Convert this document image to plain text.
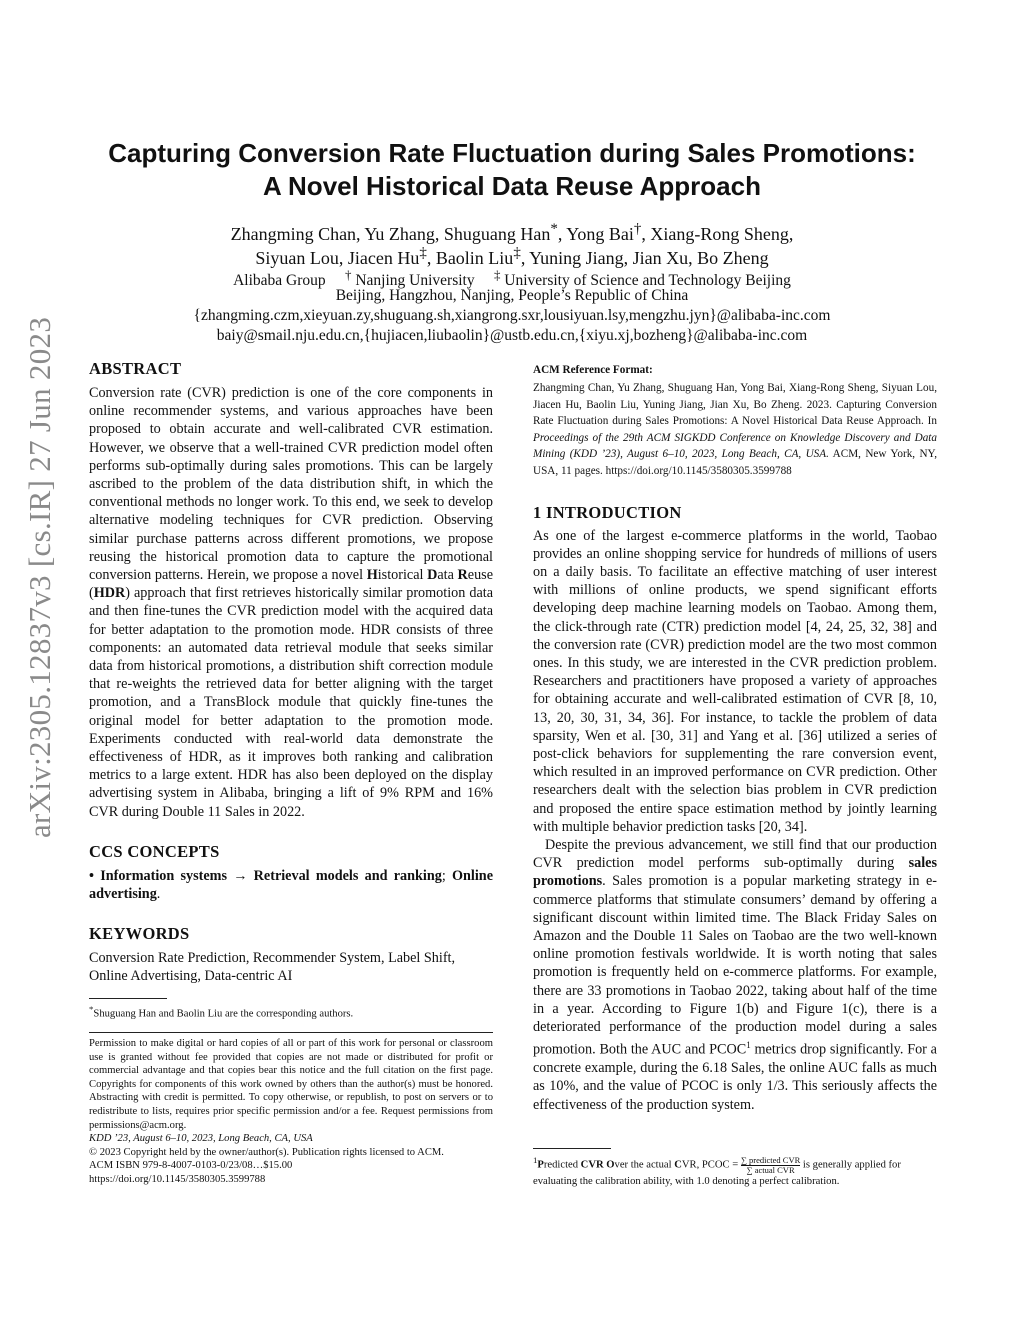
arXiv:2305.12837v3 [cs.IR] 27 Jun 2023
Capturing Conversion Rate Fluctuation during Sales Promotions:
A Novel Historical Data Reuse Approach
Zhangming Chan, Yu Zhang, Shuguang Han*, Yong Bai†, Xiang-Rong Sheng,
Siyuan Lou, Jiacen Hu‡, Baolin Liu‡, Yuning Jiang, Jian Xu, Bo Zheng
Alibaba Group † Nanjing University ‡ University of Science and Technology Beijing
Beijing, Hangzhou, Nanjing, People’s Republic of China
{zhangming.czm,xieyuan.zy,shuguang.sh,xiangrong.sxr,lousiyuan.lsy,mengzhu.jyn}@alibaba-inc.com
baiy@smail.nju.edu.cn,{hujiacen,liubaolin}@ustb.edu.cn,{xiyu.xj,bozheng}@alibaba-inc.com
ABSTRACT

Conversion rate (CVR) prediction is one of the core components in online recommender systems, and various approaches have been proposed to obtain accurate and well-calibrated CVR estimation. However, we observe that a well-trained CVR prediction model often performs sub-optimally during sales promotions. This can be largely ascribed to the problem of the data distribution shift, in which the conventional methods no longer work. To this end, we seek to develop alternative modeling techniques for CVR prediction. Observing similar purchase patterns across different promotions, we propose reusing the historical promotion data to capture the promotional conversion patterns. Herein, we propose a novel Historical Data Reuse (HDR) approach that first retrieves historically similar promotion data and then fine-tunes the CVR prediction model with the acquired data for better adaptation to the promotion mode. HDR consists of three components: an automated data retrieval module that seeks similar data from historical promotions, a distribution shift correction module that re-weights the retrieved data for better aligning with the target promotion, and a TransBlock module that quickly fine-tunes the original model for better adaptation to the promotion mode. Experiments conducted with real-world data demonstrate the effectiveness of HDR, as it improves both ranking and calibration metrics to a large extent. HDR has also been deployed on the display advertising system in Alibaba, bringing a lift of 9% RPM and 16% CVR during Double 11 Sales in 2022.

CCS CONCEPTS

• Information systems → Retrieval models and ranking; Online advertising.

KEYWORDS

Conversion Rate Prediction, Recommender System, Label Shift, Online Advertising, Data-centric AI

*Shuguang Han and Baolin Liu are the corresponding authors.

Permission to make digital or hard copies of all or part of this work for personal or classroom use is granted without fee provided that copies are not made or distributed for profit or commercial advantage and that copies bear this notice and the full citation on the first page. Copyrights for components of this work owned by others than the author(s) must be honored. Abstracting with credit is permitted. To copy otherwise, or republish, to post on servers or to redistribute to lists, requires prior specific permission and/or a fee. Request permissions from permissions@acm.org.

KDD ’23, August 6–10, 2023, Long Beach, CA, USA

© 2023 Copyright held by the owner/author(s). Publication rights licensed to ACM.

ACM ISBN 979-8-4007-0103-0/23/08…$15.00

https://doi.org/10.1145/3580305.3599788

ACM Reference Format:

Zhangming Chan, Yu Zhang, Shuguang Han, Yong Bai, Xiang-Rong Sheng, Siyuan Lou, Jiacen Hu, Baolin Liu, Yuning Jiang, Jian Xu, Bo Zheng. 2023. Capturing Conversion Rate Fluctuation during Sales Promotions: A Novel Historical Data Reuse Approach. In Proceedings of the 29th ACM SIGKDD Conference on Knowledge Discovery and Data Mining (KDD ’23), August 6–10, 2023, Long Beach, CA, USA. ACM, New York, NY, USA, 11 pages. https://doi.org/10.1145/3580305.3599788

1 INTRODUCTION

As one of the largest e-commerce platforms in the world, Taobao provides an online shopping service for hundreds of millions of users on a daily basis. To facilitate an effective matching of user interest with millions of online products, we spend significant efforts developing deep machine learning models on Taobao. Among them, the click-through rate (CTR) prediction model [4, 24, 25, 32, 38] and the conversion rate (CVR) prediction model are the two most common ones. In this study, we are interested in the CVR prediction problem. Researchers and practitioners have proposed a variety of approaches for obtaining accurate and well-calibrated estimation of CVR [8, 10, 13, 20, 30, 31, 34, 36]. For instance, to tackle the problem of data sparsity, Wen et al. [30, 31] and Yang et al. [36] utilized a series of post-click behaviors for supplementing the rare conversion event, which resulted in an improved performance on CVR prediction. Other researchers dealt with the selection bias problem in CVR prediction and proposed the entire space estimation method by jointly learning with multiple behavior prediction tasks [20, 34].

Despite the previous advancement, we still find that our production CVR prediction model performs sub-optimally during sales promotions. Sales promotion is a popular marketing strategy in e-commerce platforms that stimulate consumers’ demand by offering a significant discount within limited time. The Black Friday Sales on Amazon and the Double 11 Sales on Taobao are the two well-known online promotion festivals worldwide. It is worth noting that sales promotion is frequently held on e-commerce platforms. For example, there are 33 promotions in Taobao 2022, taking about half of the time in a year. According to Figure 1(b) and Figure 1(c), there is a deteriorated performance of the production model during a sales promotion. Both the AUC and PCOC$^1$ metrics drop significantly. For a concrete example, during the 6.18 Sales, the online AUC falls as much as 10%, and the value of PCOC is only 1/3. This seriously affects the effectiveness of the production system.

$^1$Predicted CVR Over the actual CVR, PCOC = ∑ predicted CVR
∑ actual CVR is generally applied for evaluating the calibration ability, with 1.0 denoting a perfect calibration.
